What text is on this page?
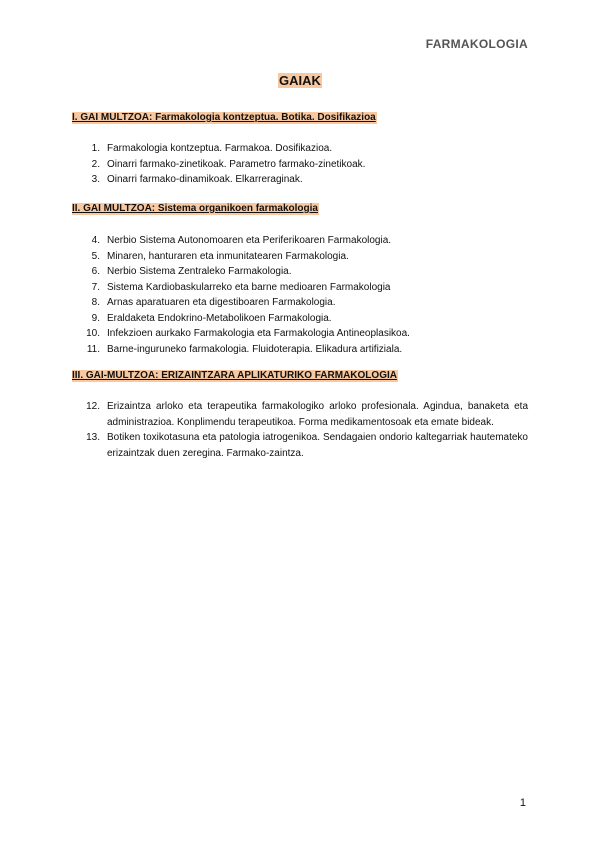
FARMAKOLOGIA
GAIAK
I. GAI MULTZOA: Farmakologia kontzeptua. Botika. Dosifikazioa
1. Farmakologia kontzeptua. Farmakoa. Dosifikazioa.
2. Oinarri farmako-zinetikoak. Parametro farmako-zinetikoak.
3. Oinarri farmako-dinamikoak. Elkarreraginak.
II. GAI MULTZOA: Sistema organikoen farmakologia
4. Nerbio Sistema Autonomoaren eta Periferikoaren Farmakologia.
5. Minaren, hanturaren eta inmunitatearen Farmakologia.
6. Nerbio Sistema Zentraleko Farmakologia.
7. Sistema Kardiobaskularreko eta barne medioaren Farmakologia
8. Arnas aparatuaren eta digestiboaren Farmakologia.
9. Eraldaketa Endokrino-Metabolikoen Farmakologia.
10. Infekzioen aurkako Farmakologia eta Farmakologia Antineoplasikoa.
11. Barne-inguruneko farmakologia. Fluidoterapia. Elikadura artifiziala.
III. GAI-MULTZOA: ERIZAINTZARA APLIKATURIKO FARMAKOLOGIA
12. Erizaintza arloko eta terapeutika farmakologiko arloko profesionala. Agindua, banaketa eta administrazioa. Konplimendu terapeutikoa. Forma medikamentosoak eta emate bideak.
13. Botiken toxikotasuna eta patologia iatrogenikoa. Sendagaien ondorio kaltegarriak hautemateko erizaintzak duen zeregina. Farmako-zaintza.
1
